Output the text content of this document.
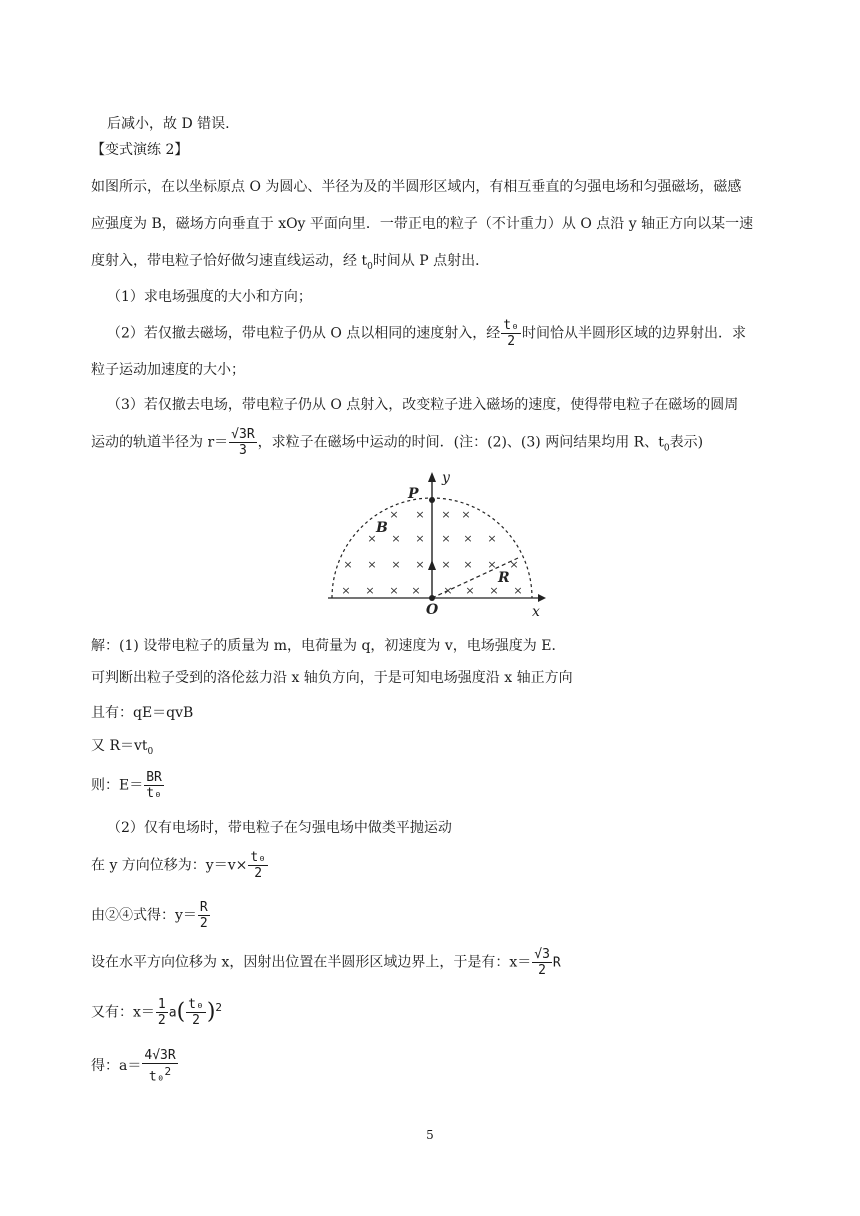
后减小，故 D 错误.
【变式演练 2】
如图所示，在以坐标原点 O 为圆心、半径为及的半圆形区域内，有相互垂直的匀强电场和匀强磁场，磁感
应强度为 B，磁场方向垂直于 xOy 平面向里．一带正电的粒子（不计重力）从 O 点沿 y 轴正方向以某一速
度射入，带电粒子恰好做匀速直线运动，经 $t_0$时间从 P 点射出．
（1）求电场强度的大小和方向；
（2）若仅撤去磁场，带电粒子仍从 O 点以相同的速度射入，经 $\frac{\text{t₀}}{2}$ 时间恰从半圆形区域的边界射出．求
粒子运动加速度的大小；
（3）若仅撤去电场，带电粒子仍从 O 点射入，改变粒子进入磁场的速度，使得带电粒子在磁场的圆周
运动的轨道半径为 $r= \frac{√3R}{3}$ ，求粒子在磁场中运动的时间．(注：(2)、(3) 两问结果均用 R、$t_0$表示)
× × × ×
× × × × × ×
× × × × × × × ×
× × × × × × × ×
y
x
P
B
R
O
解：(1) 设带电粒子的质量为 m，电荷量为 q，初速度为 v，电场强度为 E．
可判断出粒子受到的洛伦兹力沿 x 轴负方向，于是可知电场强度沿 x 轴正方向
且有：qE＝qvB
又 $R=vt_0$
则：$E= \frac{BR}{\text{t₀}}$
（2）仅有电场时，带电粒子在匀强电场中做类平抛运动
在 y 方向位移为：$y=v\times \frac{\text{t₀}}{2}$
由②④式得：$y= \frac{R}{2}$
设在水平方向位移为 x，因射出位置在半圆形区域边界上，于是有：$x= \frac{√3}{2}$ R
又有：$x= \frac{1}{2} a( \frac{\text{t₀}}{2} )^2$
得：$a= \frac{4√3R}{t_0^2}$
5
